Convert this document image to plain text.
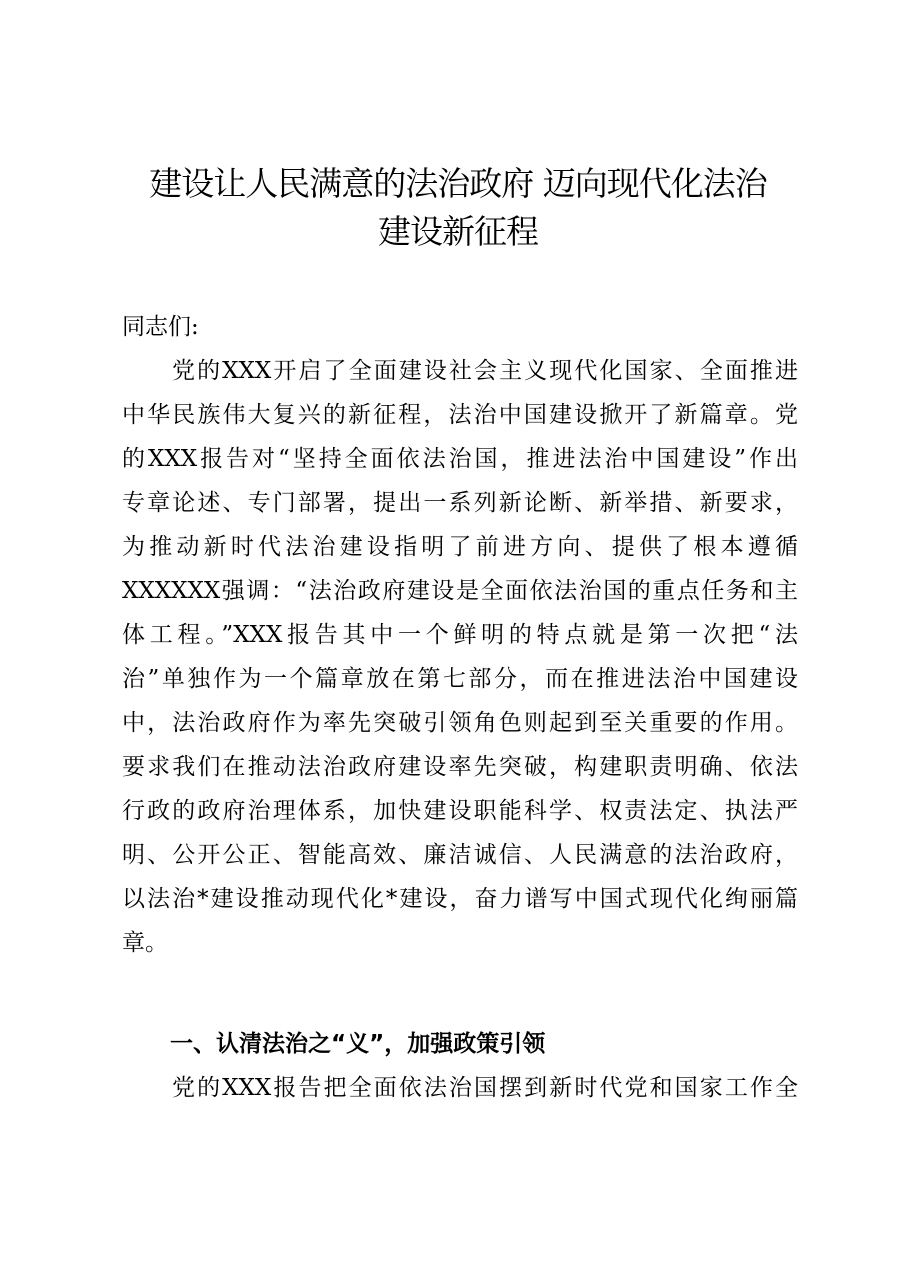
建设让人民满意的法治政府 迈向现代化法治
建设新征程

同志们:

党的XXX开启了全面建设社会主义现代化国家、全面推进
中华民族伟大复兴的新征程，法治中国建设掀开了新篇章。党
的XXX报告对“坚持全面依法治国，推进法治中国建设”作出
专章论述、专门部署，提出一系列新论断、新举措、新要求，
为推动新时代法治建设指明了前进方向、提供了根本遵循
XXXXXX强调：“法治政府建设是全面依法治国的重点任务和主
体工程。”XXX报告其中一个鲜明的特点就是第一次把“法
治”单独作为一个篇章放在第七部分，而在推进法治中国建设
中，法治政府作为率先突破引领角色则起到至关重要的作用。
要求我们在推动法治政府建设率先突破，构建职责明确、依法
行政的政府治理体系，加快建设职能科学、权责法定、执法严
明、公开公正、智能高效、廉洁诚信、人民满意的法治政府，
以法治*建设推动现代化*建设，奋力谱写中国式现代化绚丽篇
章。
一、认清法治之“义”，加强政策引领
党的XXX报告把全面依法治国摆到新时代党和国家工作全
